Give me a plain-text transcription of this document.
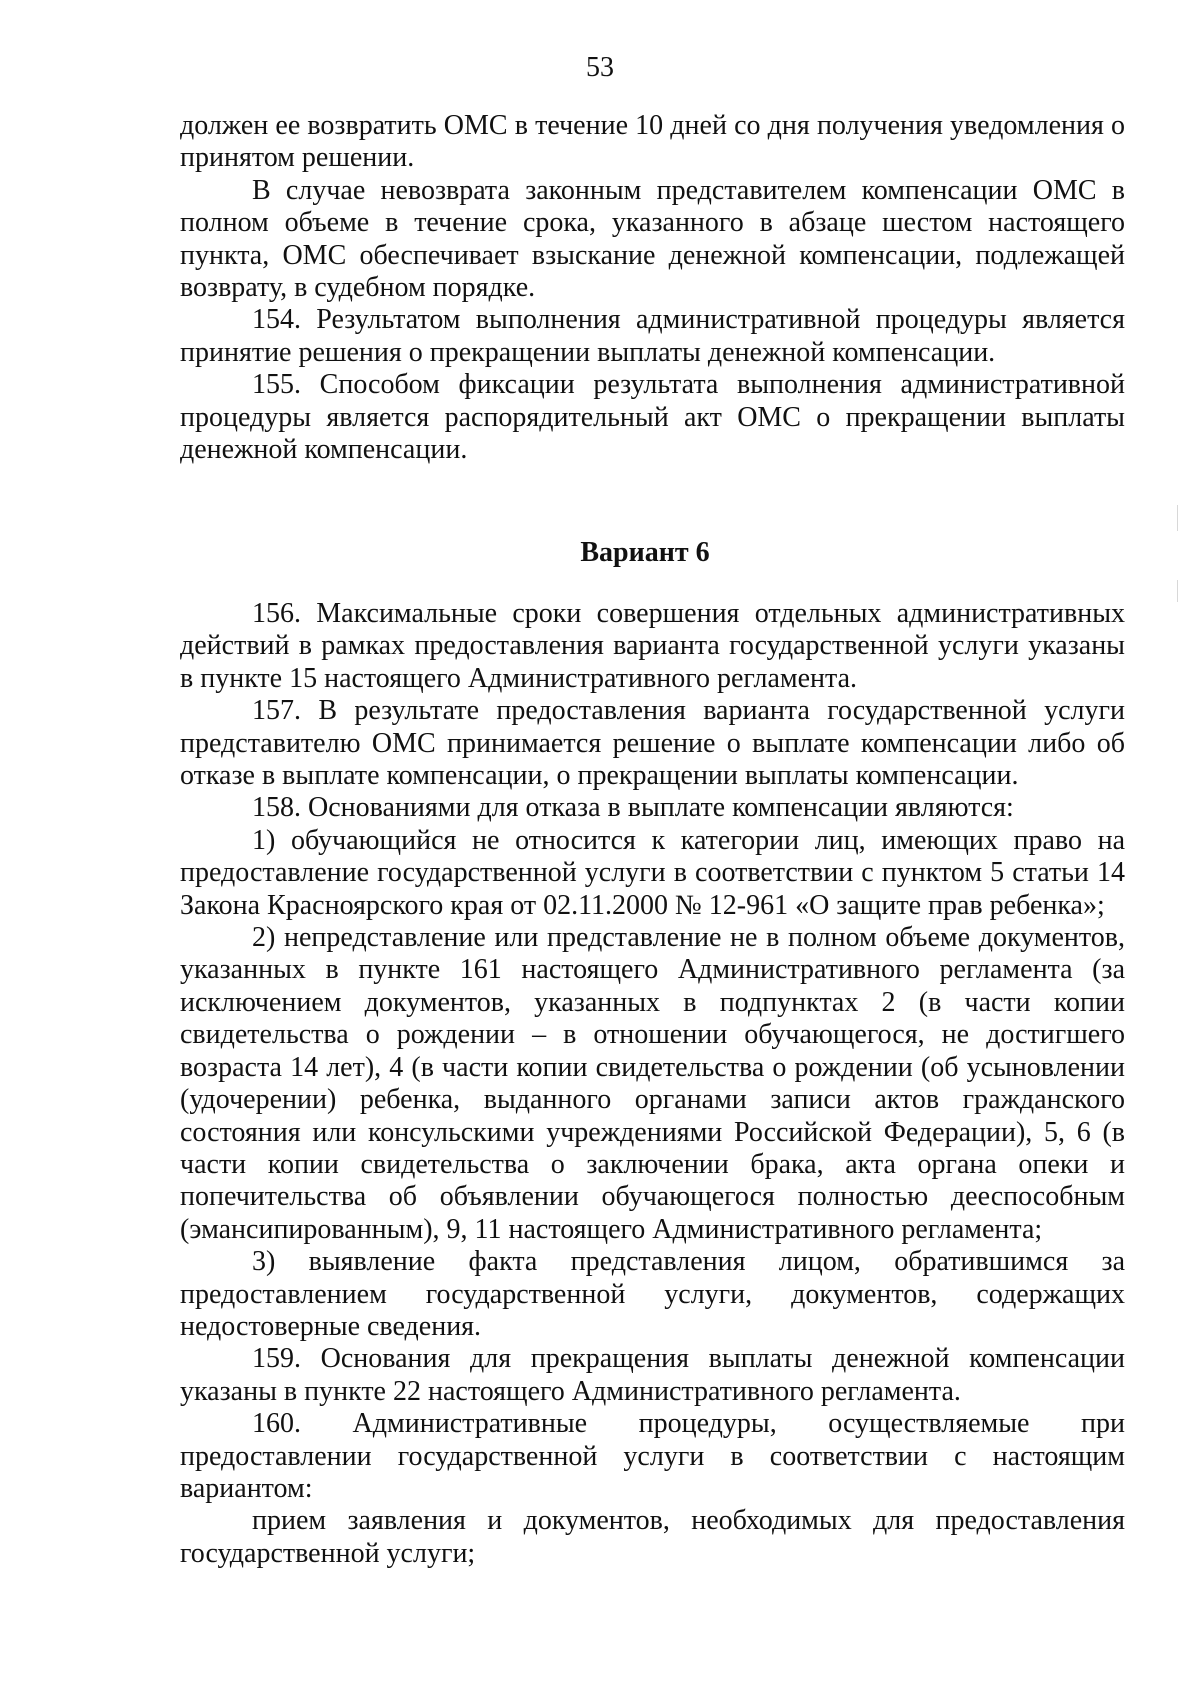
53

должен ее возвратить ОМС в течение 10 дней со дня получения уведомления о принятом решении.

В случае невозврата законным представителем компенсации ОМС в полном объеме в течение срока, указанного в абзаце шестом настоящего пункта, ОМС обеспечивает взыскание денежной компенсации, подлежащей возврату, в судебном порядке.

154. Результатом выполнения административной процедуры является принятие решения о прекращении выплаты денежной компенсации.

155. Способом фиксации результата выполнения административной процедуры является распорядительный акт ОМС о прекращении выплаты денежной компенсации.

Вариант 6

156. Максимальные сроки совершения отдельных административных действий в рамках предоставления варианта государственной услуги указаны в пункте 15 настоящего Административного регламента.

157. В результате предоставления варианта государственной услуги представителю ОМС принимается решение о выплате компенсации либо об отказе в выплате компенсации, о прекращении выплаты компенсации.

158. Основаниями для отказа в выплате компенсации являются:

1) обучающийся не относится к категории лиц, имеющих право на предоставление государственной услуги в соответствии с пунктом 5 статьи 14 Закона Красноярского края от 02.11.2000 № 12-961 «О защите прав ребенка»;

2) непредставление или представление не в полном объеме документов, указанных в пункте 161 настоящего Административного регламента (за исключением документов, указанных в подпунктах 2 (в части копии свидетельства о рождении – в отношении обучающегося, не достигшего возраста 14 лет), 4 (в части копии свидетельства о рождении (об усыновлении (удочерении) ребенка, выданного органами записи актов гражданского состояния или консульскими учреждениями Российской Федерации), 5, 6 (в части копии свидетельства о заключении брака, акта органа опеки и попечительства об объявлении обучающегося полностью дееспособным (эмансипированным), 9, 11 настоящего Административного регламента;

3) выявление факта представления лицом, обратившимся за предоставлением государственной услуги, документов, содержащих недостоверные сведения.

159. Основания для прекращения выплаты денежной компенсации указаны в пункте 22 настоящего Административного регламента.

160. Административные процедуры, осуществляемые при предоставлении государственной услуги в соответствии с настоящим вариантом:

прием заявления и документов, необходимых для предоставления государственной услуги;
